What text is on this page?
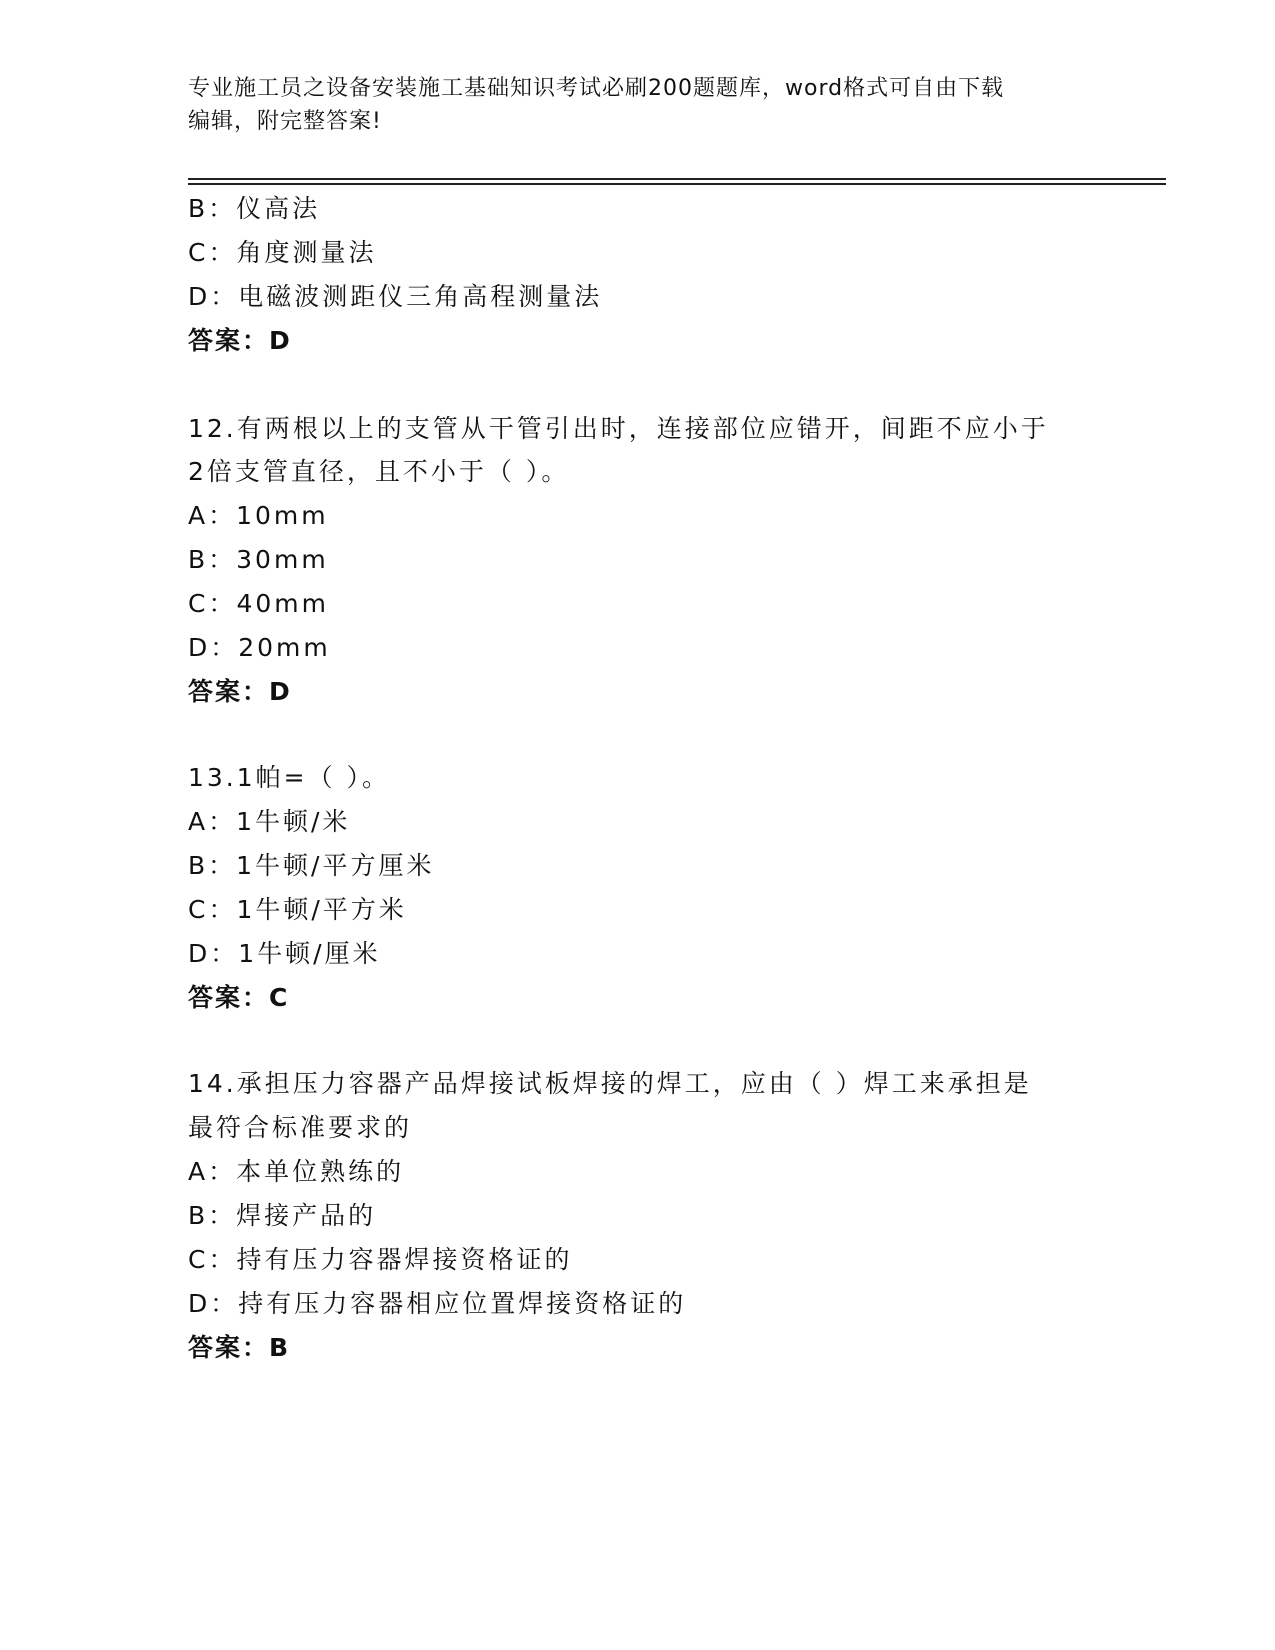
专业施工员之设备安装施工基础知识考试必刷200题题库，word格式可自由下载
编辑，附完整答案!
B：仪高法
C：角度测量法
D：电磁波测距仪三角高程测量法
答案：D
12.有两根以上的支管从干管引出时，连接部位应错开，间距不应小于
2倍支管直径，且不小于（ ）。
A：10mm
B：30mm
C：40mm
D：20mm
答案：D
13.1帕=（ ）。
A：1牛顿/米
B：1牛顿/平方厘米
C：1牛顿/平方米
D：1牛顿/厘米
答案：C
14.承担压力容器产品焊接试板焊接的焊工，应由（ ）焊工来承担是
最符合标准要求的
A：本单位熟练的
B：焊接产品的
C：持有压力容器焊接资格证的
D：持有压力容器相应位置焊接资格证的
答案：B
